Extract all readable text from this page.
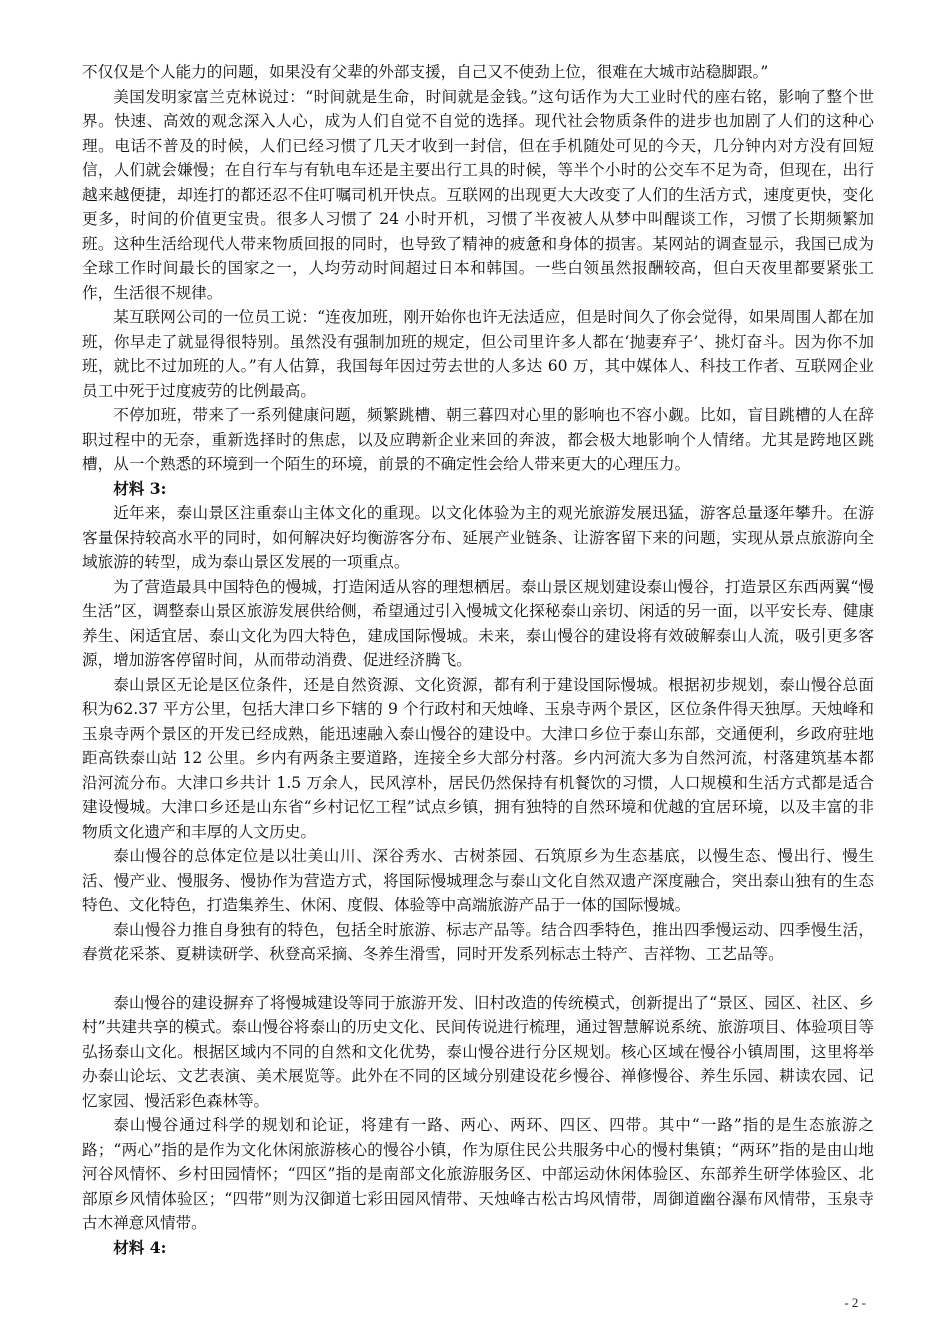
不仅仅是个人能力的问题，如果没有父辈的外部支援，自己又不使劲上位，很难在大城市站稳脚跟。”

美国发明家富兰克林说过：“时间就是生命，时间就是金钱。”这句话作为大工业时代的座右铭，影响了整个世界。快速、高效的观念深入人心，成为人们自觉不自觉的选择。现代社会物质条件的进步也加剧了人们的这种心理。电话不普及的时候，人们已经习惯了几天才收到一封信，但在手机随处可见的今天，几分钟内对方没有回短信，人们就会嫌慢；在自行车与有轨电车还是主要出行工具的时候，等半个小时的公交车不足为奇，但现在，出行越来越便捷，却连打的都还忍不住叮嘱司机开快点。互联网的出现更大大改变了人们的生活方式，速度更快，变化更多，时间的价值更宝贵。很多人习惯了 24 小时开机，习惯了半夜被人从梦中叫醒谈工作，习惯了长期频繁加班。这种生活给现代人带来物质回报的同时，也导致了精神的疲惫和身体的损害。某网站的调查显示，我国已成为全球工作时间最长的国家之一，人均劳动时间超过日本和韩国。一些白领虽然报酬较高，但白天夜里都要紧张工作，生活很不规律。

某互联网公司的一位员工说：“连夜加班，刚开始你也许无法适应，但是时间久了你会觉得，如果周围人都在加班，你早走了就显得很特别。虽然没有强制加班的规定，但公司里许多人都在‘抛妻弃子’、挑灯奋斗。因为你不加班，就比不过加班的人。”有人估算，我国每年因过劳去世的人多达 60 万，其中媒体人、科技工作者、互联网企业员工中死于过度疲劳的比例最高。

不停加班，带来了一系列健康问题，频繁跳槽、朝三暮四对心里的影响也不容小觑。比如，盲目跳槽的人在辞职过程中的无奈，重新选择时的焦虑，以及应聘新企业来回的奔波，都会极大地影响个人情绪。尤其是跨地区跳槽，从一个熟悉的环境到一个陌生的环境，前景的不确定性会给人带来更大的心理压力。

材料 3:

近年来，泰山景区注重泰山主体文化的重现。以文化体验为主的观光旅游发展迅猛，游客总量逐年攀升。在游客量保持较高水平的同时，如何解决好均衡游客分布、延展产业链条、让游客留下来的问题，实现从景点旅游向全域旅游的转型，成为泰山景区发展的一项重点。

为了营造最具中国特色的慢城，打造闲适从容的理想栖居。泰山景区规划建设泰山慢谷，打造景区东西两翼“慢生活”区，调整泰山景区旅游发展供给侧，希望通过引入慢城文化探秘泰山亲切、闲适的另一面，以平安长寿、健康养生、闲适宜居、泰山文化为四大特色，建成国际慢城。未来，泰山慢谷的建设将有效破解泰山人流，吸引更多客源，增加游客停留时间，从而带动消费、促进经济腾飞。

泰山景区无论是区位条件，还是自然资源、文化资源，都有利于建设国际慢城。根据初步规划，泰山慢谷总面积为62.37 平方公里，包括大津口乡下辖的 9 个行政村和天烛峰、玉泉寺两个景区，区位条件得天独厚。天烛峰和玉泉寺两个景区的开发已经成熟，能迅速融入泰山慢谷的建设中。大津口乡位于泰山东部，交通便利，乡政府驻地距高铁泰山站 12 公里。乡内有两条主要道路，连接全乡大部分村落。乡内河流大多为自然河流，村落建筑基本都沿河流分布。大津口乡共计 1.5 万余人，民风淳朴，居民仍然保持有机餐饮的习惯，人口规模和生活方式都是适合建设慢城。大津口乡还是山东省“乡村记忆工程”试点乡镇，拥有独特的自然环境和优越的宜居环境，以及丰富的非物质文化遗产和丰厚的人文历史。

泰山慢谷的总体定位是以壮美山川、深谷秀水、古树茶园、石筑原乡为生态基底，以慢生态、慢出行、慢生活、慢产业、慢服务、慢协作为营造方式，将国际慢城理念与泰山文化自然双遗产深度融合，突出泰山独有的生态特色、文化特色，打造集养生、休闲、度假、体验等中高端旅游产品于一体的国际慢城。

泰山慢谷力推自身独有的特色，包括全时旅游、标志产品等。结合四季特色，推出四季慢运动、四季慢生活，春赏花采茶、夏耕读研学、秋登高采摘、冬养生滑雪，同时开发系列标志土特产、吉祥物、工艺品等。

泰山慢谷的建设摒弃了将慢城建设等同于旅游开发、旧村改造的传统模式，创新提出了“景区、园区、社区、乡村”共建共享的模式。泰山慢谷将泰山的历史文化、民间传说进行梳理，通过智慧解说系统、旅游项目、体验项目等弘扬泰山文化。根据区域内不同的自然和文化优势，泰山慢谷进行分区规划。核心区域在慢谷小镇周围，这里将举办泰山论坛、文艺表演、美术展览等。此外在不同的区域分别建设花乡慢谷、禅修慢谷、养生乐园、耕读农园、记忆家园、慢活彩色森林等。

泰山慢谷通过科学的规划和论证，将建有一路、两心、两环、四区、四带。其中“一路”指的是生态旅游之路；“两心”指的是作为文化休闲旅游核心的慢谷小镇，作为原住民公共服务中心的慢村集镇；“两环”指的是由山地河谷风情怀、乡村田园情怀；“四区”指的是南部文化旅游服务区、中部运动休闲体验区、东部养生研学体验区、北部原乡风情体验区；“四带”则为汉御道七彩田园风情带、天烛峰古松古坞风情带，周御道幽谷瀑布风情带，玉泉寺古木禅意风情带。

材料 4:
- 2 -
